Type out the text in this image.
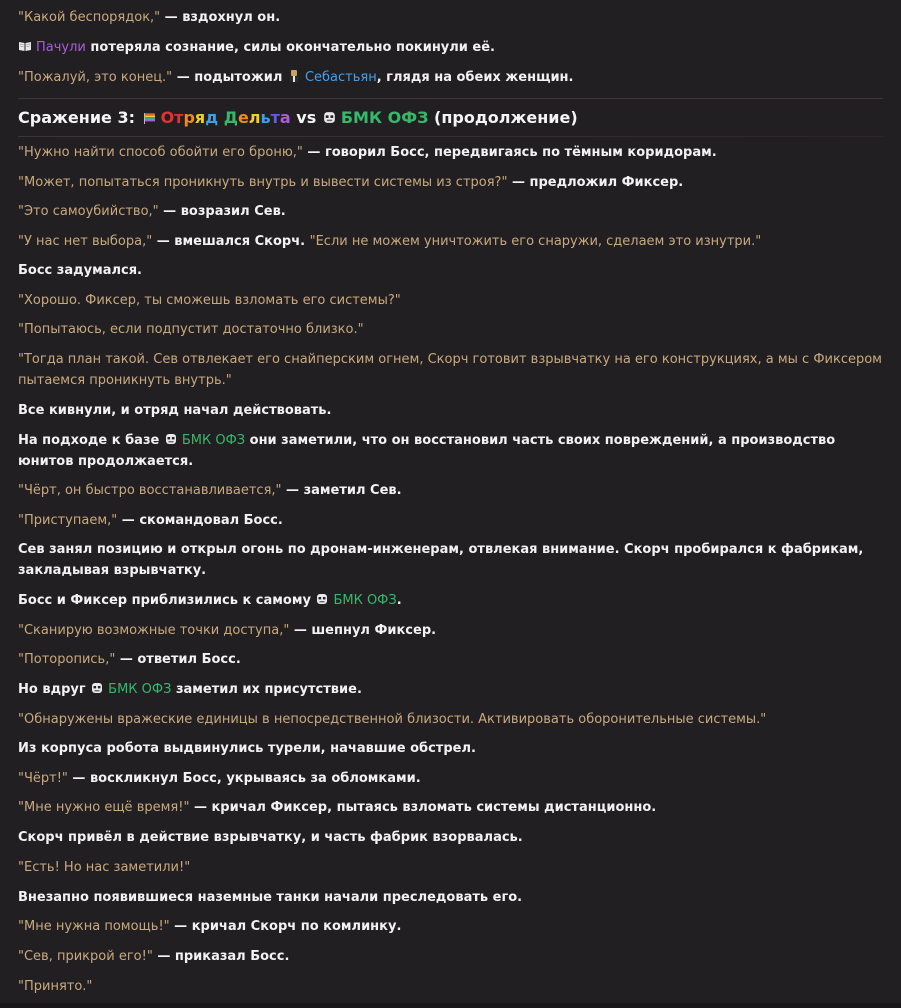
"Какой беспорядок," — вздохнул он.

Пачули потеряла сознание, силы окончательно покинули её.

"Пожалуй, это конец." — подытожил Себастьян, глядя на обеих женщин.

Сражение 3: Отряд Дельта vs БМК ОФЗ (продолжение)

"Нужно найти способ обойти его броню," — говорил Босс, передвигаясь по тёмным коридорам.

"Может, попытаться проникнуть внутрь и вывести системы из строя?" — предложил Фиксер.

"Это самоубийство," — возразил Сев.

"У нас нет выбора," — вмешался Скорч. "Если не можем уничтожить его снаружи, сделаем это изнутри."

Босс задумался.

"Хорошо. Фиксер, ты сможешь взломать его системы?"

"Попытаюсь, если подпустит достаточно близко."

"Тогда план такой. Сев отвлекает его снайперским огнем, Скорч готовит взрывчатку на его конструкциях, а мы с Фиксером пытаемся проникнуть внутрь."

Все кивнули, и отряд начал действовать.

На подходе к базе БМК ОФЗ они заметили, что он восстановил часть своих повреждений, а производство юнитов продолжается.

"Чёрт, он быстро восстанавливается," — заметил Сев.

"Приступаем," — скомандовал Босс.

Сев занял позицию и открыл огонь по дронам-инженерам, отвлекая внимание. Скорч пробирался к фабрикам, закладывая взрывчатку.

Босс и Фиксер приблизились к самому БМК ОФЗ.

"Сканирую возможные точки доступа," — шепнул Фиксер.

"Поторопись," — ответил Босс.

Но вдруг БМК ОФЗ заметил их присутствие.

"Обнаружены вражеские единицы в непосредственной близости. Активировать оборонительные системы."

Из корпуса робота выдвинулись турели, начавшие обстрел.

"Чёрт!" — воскликнул Босс, укрываясь за обломками.

"Мне нужно ещё время!" — кричал Фиксер, пытаясь взломать системы дистанционно.

Скорч привёл в действие взрывчатку, и часть фабрик взорвалась.

"Есть! Но нас заметили!"

Внезапно появившиеся наземные танки начали преследовать его.

"Мне нужна помощь!" — кричал Скорч по комлинку.

"Сев, прикрой его!" — приказал Босс.

"Принято."
